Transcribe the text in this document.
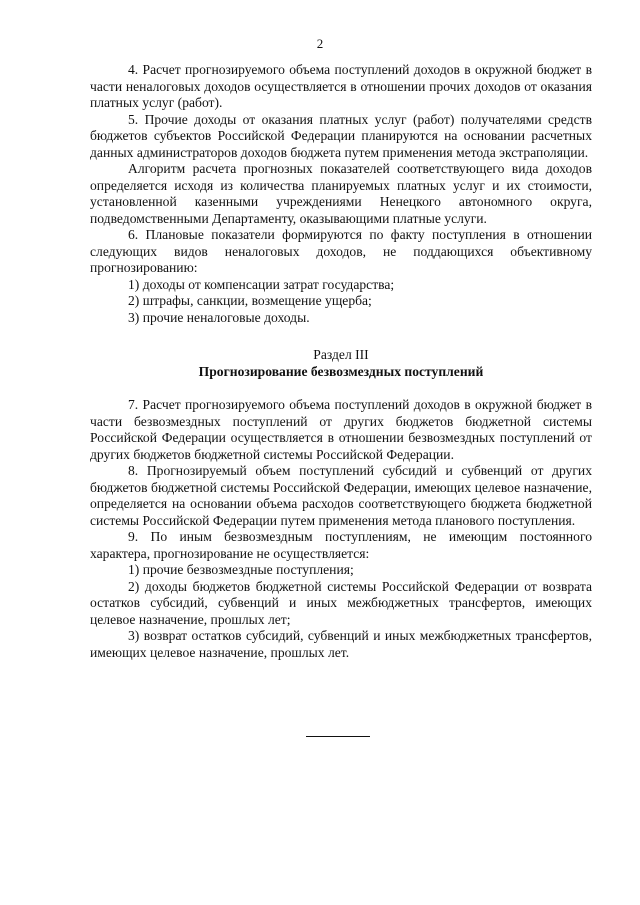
2

4. Расчет прогнозируемого объема поступлений доходов в окружной бюджет в части неналоговых доходов осуществляется в отношении прочих доходов от оказания платных услуг (работ).

5. Прочие доходы от оказания платных услуг (работ) получателями средств бюджетов субъектов Российской Федерации планируются на основании расчетных данных администраторов доходов бюджета путем применения метода экстраполяции.

Алгоритм расчета прогнозных показателей соответствующего вида доходов определяется исходя из количества планируемых платных услуг и их стоимости, установленной казенными учреждениями Ненецкого автономного округа, подведомственными Департаменту, оказывающими платные услуги.

6. Плановые показатели формируются по факту поступления в отношении следующих видов неналоговых доходов, не поддающихся объективному прогнозированию:

1) доходы от компенсации затрат государства;

2) штрафы, санкции, возмещение ущерба;

3) прочие неналоговые доходы.

Раздел III
Прогнозирование безвозмездных поступлений

7. Расчет прогнозируемого объема поступлений доходов в окружной бюджет в части безвозмездных поступлений от других бюджетов бюджетной системы Российской Федерации осуществляется в отношении безвозмездных поступлений от других бюджетов бюджетной системы Российской Федерации.

8. Прогнозируемый объем поступлений субсидий и субвенций от других бюджетов бюджетной системы Российской Федерации, имеющих целевое назначение, определяется на основании объема расходов соответствующего бюджета бюджетной системы Российской Федерации путем применения метода планового поступления.

9. По иным безвозмездным поступлениям, не имеющим постоянного характера, прогнозирование не осуществляется:

1) прочие безвозмездные поступления;

2) доходы бюджетов бюджетной системы Российской Федерации от возврата остатков субсидий, субвенций и иных межбюджетных трансфертов, имеющих целевое назначение, прошлых лет;

3) возврат остатков субсидий, субвенций и иных межбюджетных трансфертов, имеющих целевое назначение, прошлых лет.
